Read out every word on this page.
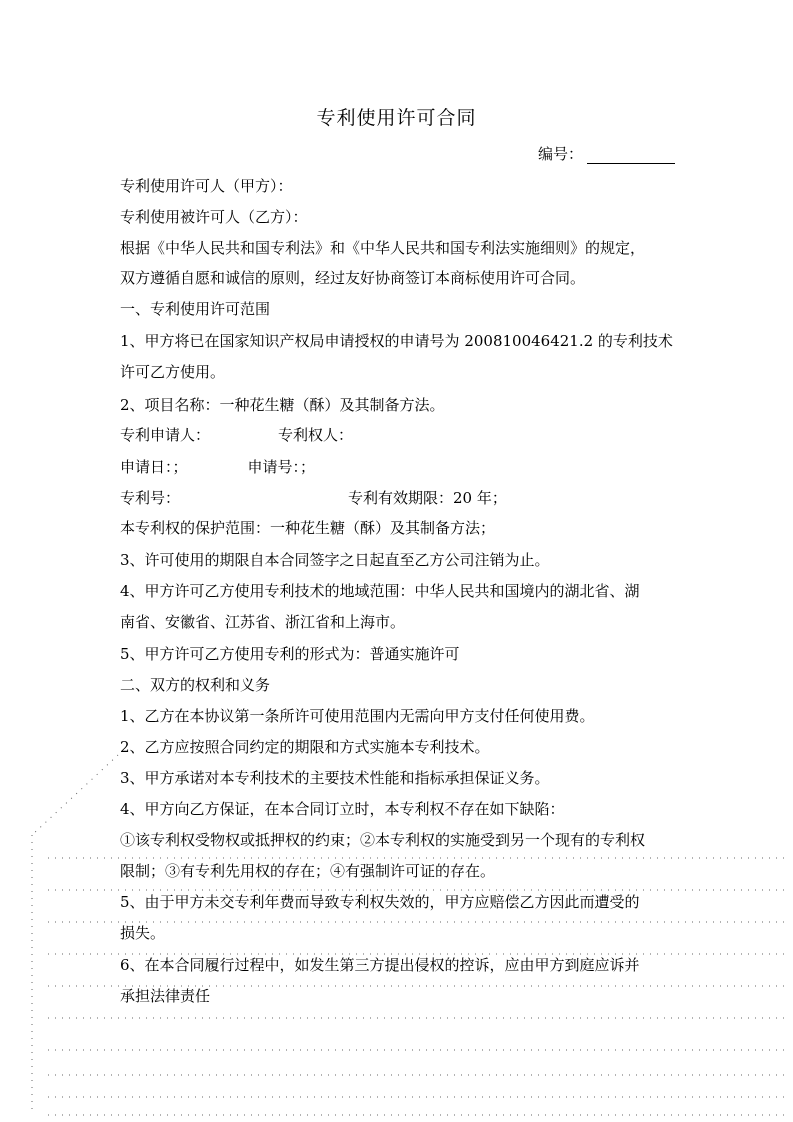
专利使用许可合同
编号：
专利使用许可人（甲方）：
专利使用被许可人（乙方）：
根据《中华人民共和国专利法》和《中华人民共和国专利法实施细则》的规定，
双方遵循自愿和诚信的原则，经过友好协商签订本商标使用许可合同。
一、专利使用许可范围
1、甲方将已在国家知识产权局申请授权的申请号为 200810046421.2 的专利技术
许可乙方使用。
2、项目名称：一种花生糖（酥）及其制备方法。
专利申请人：	专利权人：
申请日：；	申请号：；
专利号：	专利有效期限：20 年；
本专利权的保护范围：一种花生糖（酥）及其制备方法；
3、许可使用的期限自本合同签字之日起直至乙方公司注销为止。
4、甲方许可乙方使用专利技术的地域范围：中华人民共和国境内的湖北省、湖
南省、安徽省、江苏省、浙江省和上海市。
5、甲方许可乙方使用专利的形式为：普通实施许可
二、双方的权利和义务
1、乙方在本协议第一条所许可使用范围内无需向甲方支付任何使用费。
2、乙方应按照合同约定的期限和方式实施本专利技术。
3、甲方承诺对本专利技术的主要技术性能和指标承担保证义务。
4、甲方向乙方保证，在本合同订立时，本专利权不存在如下缺陷：
①该专利权受物权或抵押权的约束；②本专利权的实施受到另一个现有的专利权
限制；③有专利先用权的存在；④有强制许可证的存在。
5、由于甲方未交专利年费而导致专利权失效的，甲方应赔偿乙方因此而遭受的
损失。
6、在本合同履行过程中，如发生第三方提出侵权的控诉，应由甲方到庭应诉并
承担法律责任
